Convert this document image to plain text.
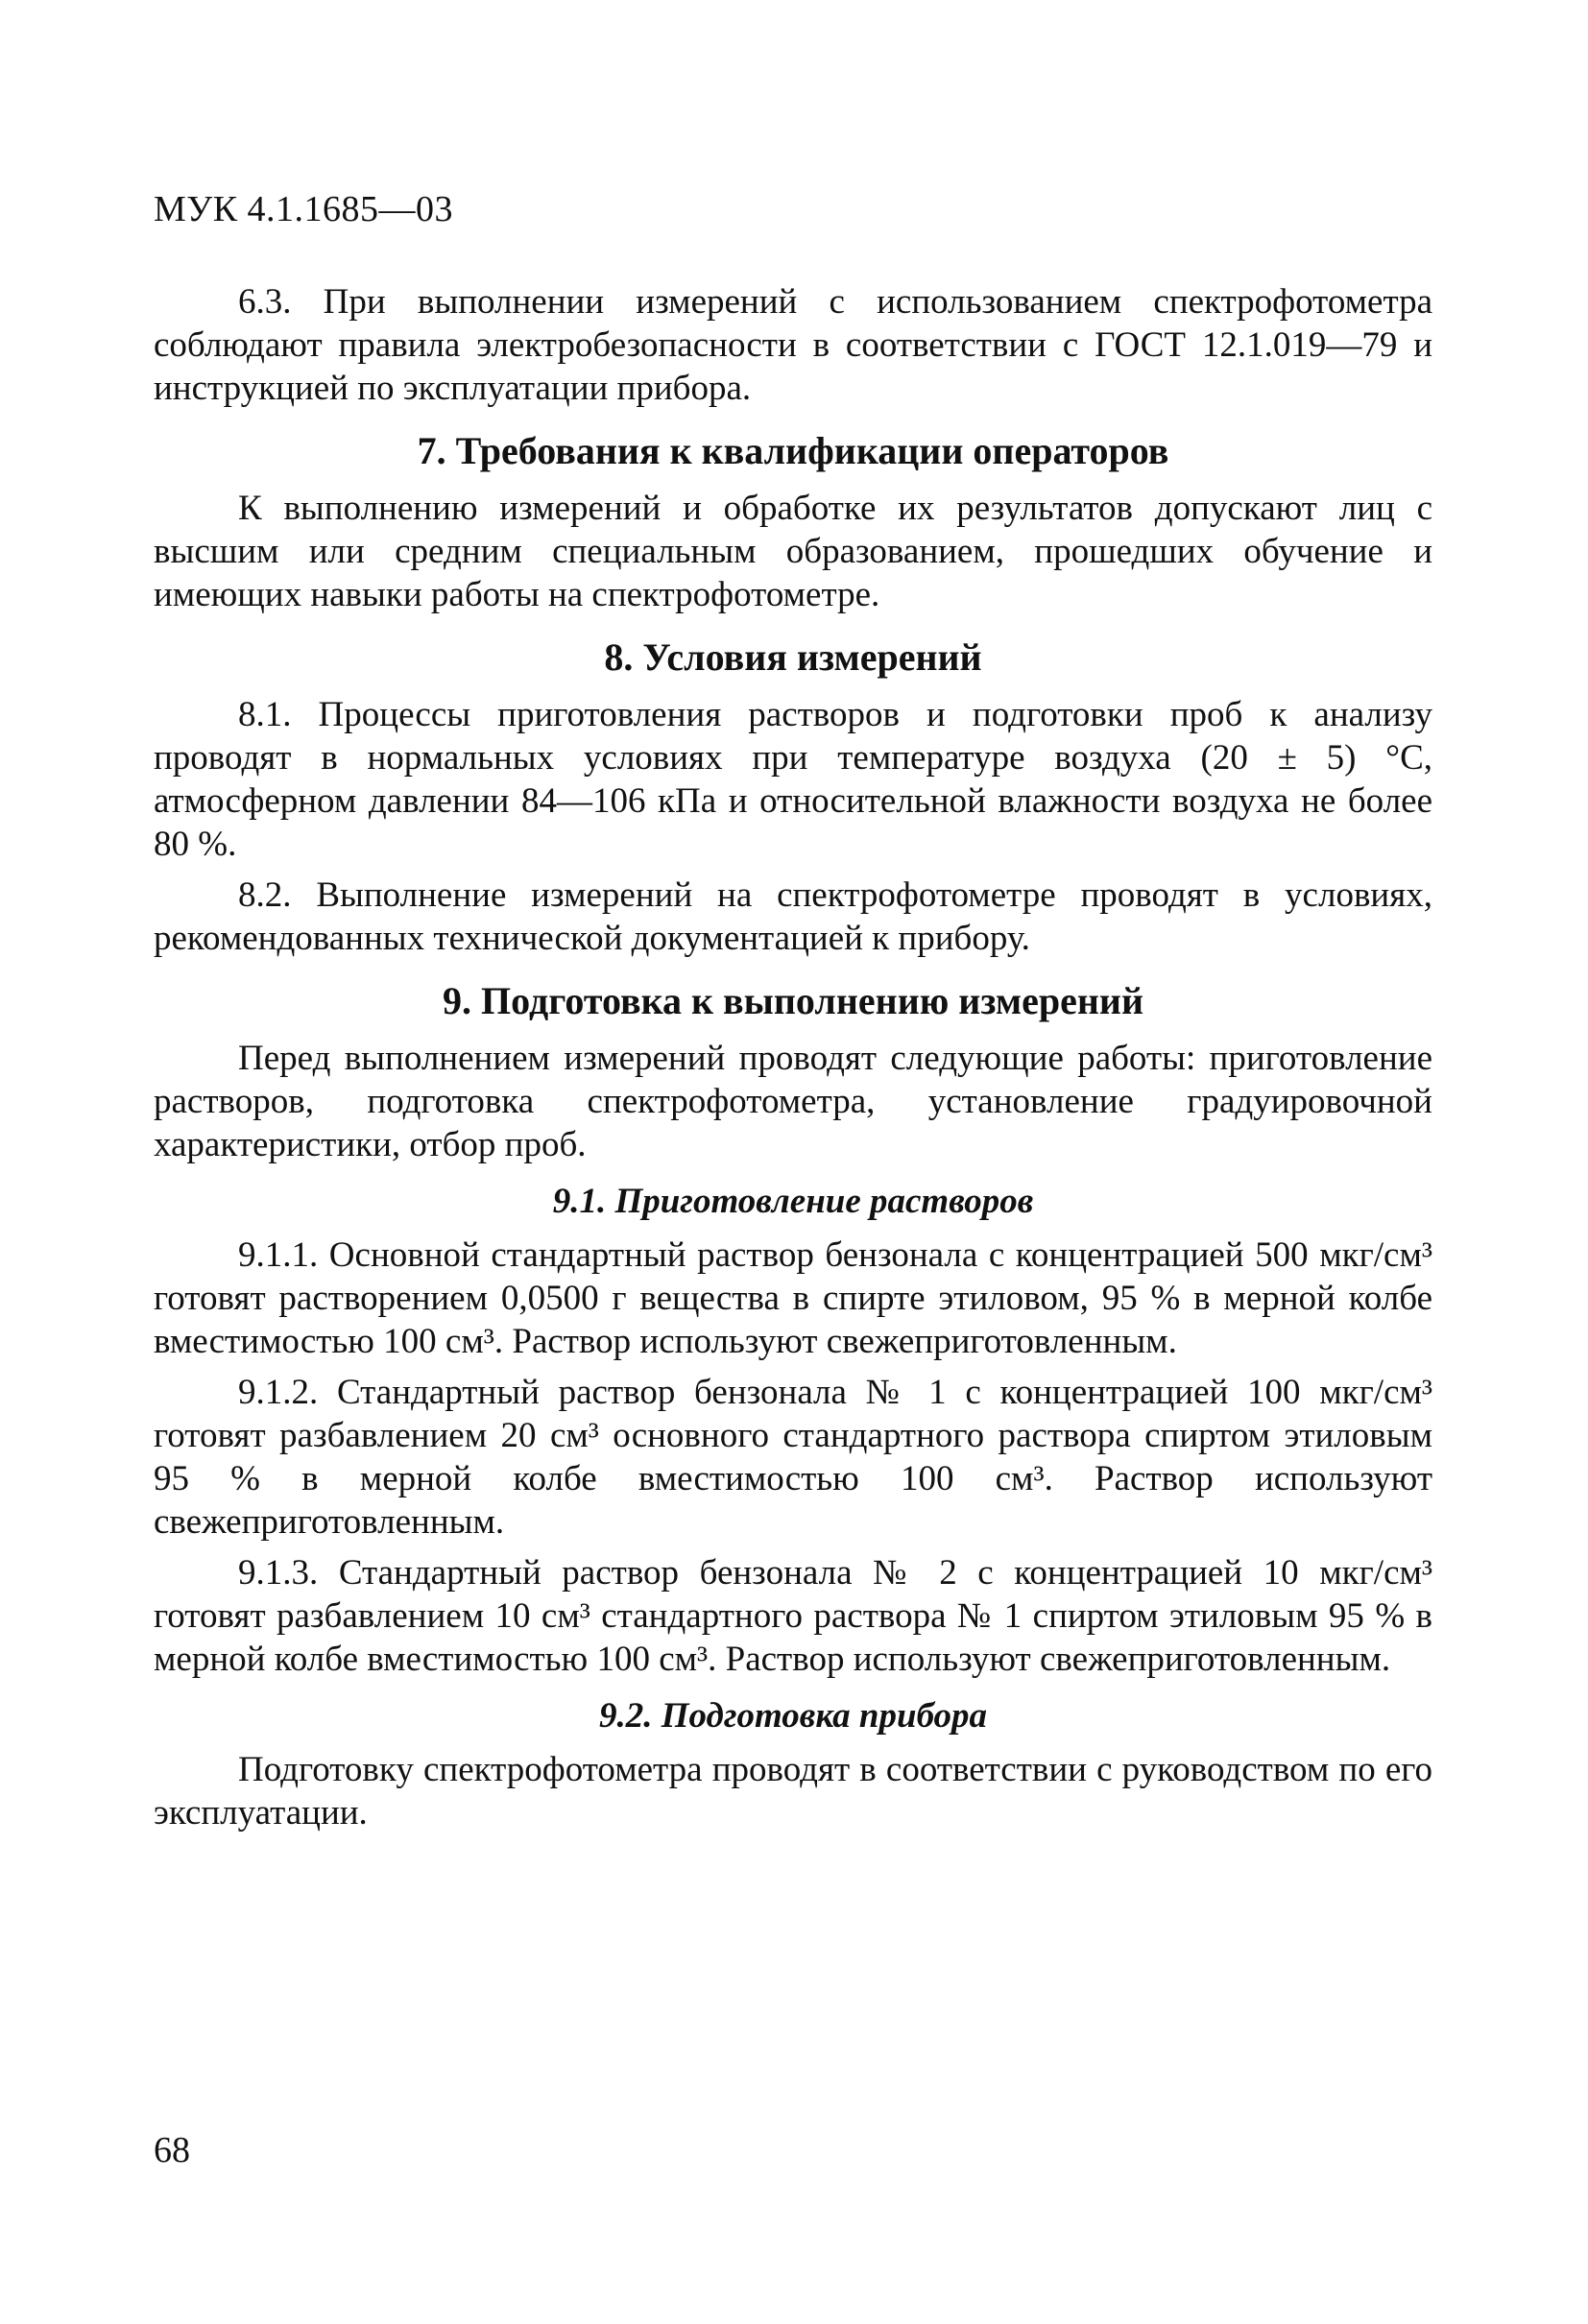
МУК 4.1.1685—03

6.3. При выполнении измерений с использованием спектрофотометра соблюдают правила электробезопасности в соответствии с ГОСТ 12.1.019—79 и инструкцией по эксплуатации прибора.

7. Требования к квалификации операторов

К выполнению измерений и обработке их результатов допускают лиц с высшим или средним специальным образованием, прошедших обучение и имеющих навыки работы на спектрофотометре.

8. Условия измерений

8.1. Процессы приготовления растворов и подготовки проб к анализу проводят в нормальных условиях при температуре воздуха (20 ± 5) °С, атмосферном давлении 84—106 кПа и относительной влажности воздуха не более 80 %.

8.2. Выполнение измерений на спектрофотометре проводят в условиях, рекомендованных технической документацией к прибору.

9. Подготовка к выполнению измерений

Перед выполнением измерений проводят следующие работы: приготовление растворов, подготовка спектрофотометра, установление градуировочной характеристики, отбор проб.

9.1. Приготовление растворов

9.1.1. Основной стандартный раствор бензонала с концентрацией 500 мкг/см³ готовят растворением 0,0500 г вещества в спирте этиловом, 95 % в мерной колбе вместимостью 100 см³. Раствор используют свежеприготовленным.

9.1.2. Стандартный раствор бензонала № 1 с концентрацией 100 мкг/см³ готовят разбавлением 20 см³ основного стандартного раствора спиртом этиловым 95 % в мерной колбе вместимостью 100 см³. Раствор используют свежеприготовленным.

9.1.3. Стандартный раствор бензонала № 2 с концентрацией 10 мкг/см³ готовят разбавлением 10 см³ стандартного раствора № 1 спиртом этиловым 95 % в мерной колбе вместимостью 100 см³. Раствор используют свежеприготовленным.

9.2. Подготовка прибора

Подготовку спектрофотометра проводят в соответствии с руководством по его эксплуатации.

68
